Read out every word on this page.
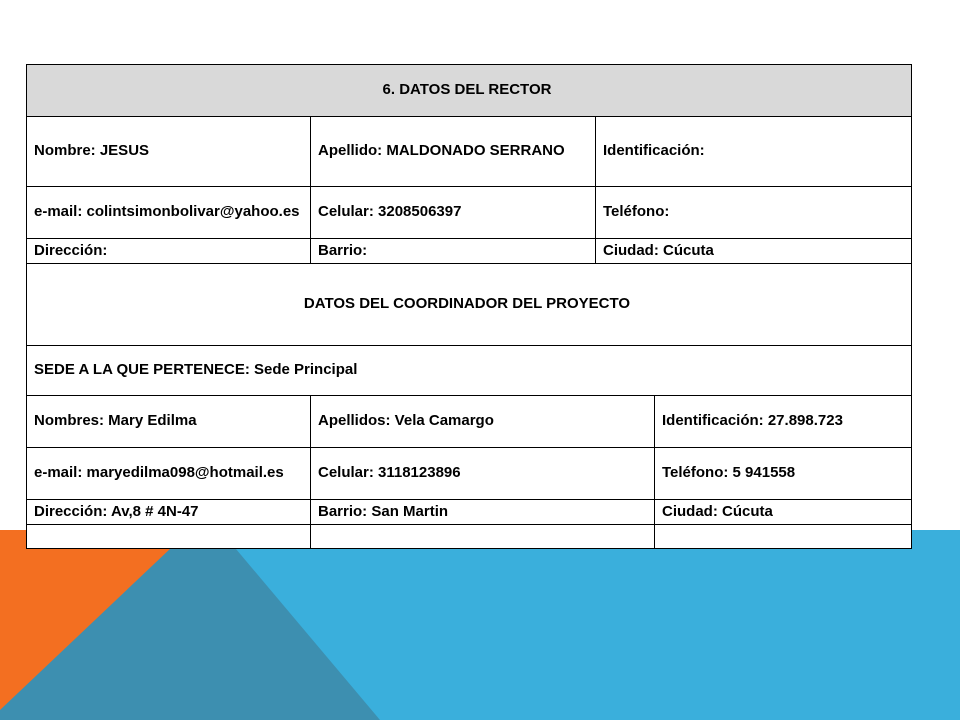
6. DATOS DEL RECTOR
Nombre: JESUS	Apellido: MALDONADO SERRANO	Identificación:
e-mail: colintsimonbolivar@yahoo.es	Celular: 3208506397	Teléfono:
Dirección:	Barrio:	Ciudad: Cúcuta
DATOS DEL COORDINADOR DEL PROYECTO
SEDE A LA QUE PERTENECE: Sede Principal
Nombres: Mary Edilma	Apellidos: Vela Camargo	Identificación: 27.898.723
e-mail: maryedilma098@hotmail.es	Celular: 3118123896	Teléfono: 5 941558
Dirección: Av,8 # 4N-47	Barrio: San Martin	Ciudad: Cúcuta
